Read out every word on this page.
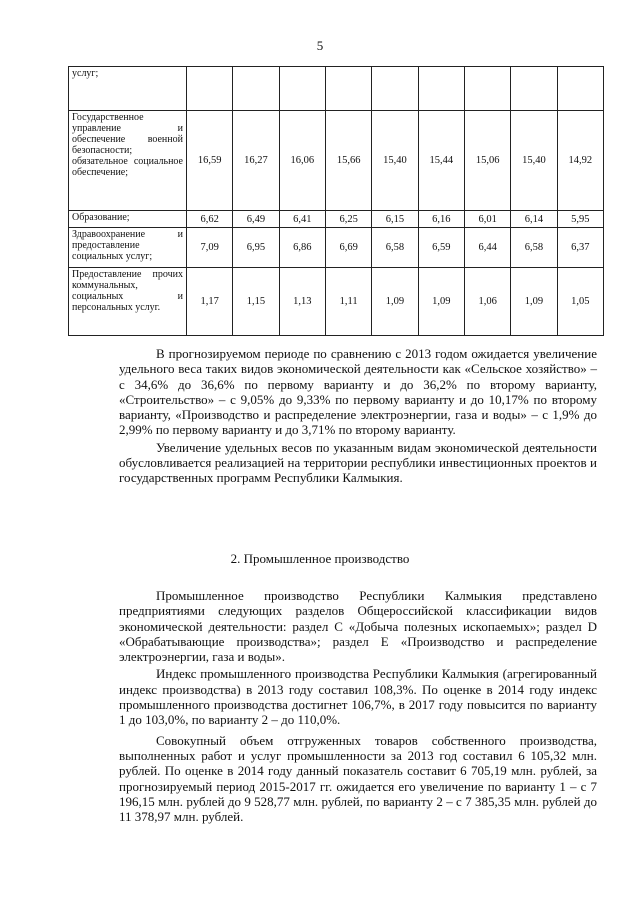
5
услуг;									
Государственное управление и обеспечение военной безопасности; обязательное социальное обеспечение;	16,59	16,27	16,06	15,66	15,40	15,44	15,06	15,40	14,92
Образование;	6,62	6,49	6,41	6,25	6,15	6,16	6,01	6,14	5,95
Здравоохранение и предоставление социальных услуг;	7,09	6,95	6,86	6,69	6,58	6,59	6,44	6,58	6,37
Предоставление прочих коммунальных, социальных и персональных услуг.	1,17	1,15	1,13	1,11	1,09	1,09	1,06	1,09	1,05

В прогнозируемом периоде по сравнению с 2013 годом ожидается увеличение удельного веса таких видов экономической деятельности как «Сельское хозяйство» – с 34,6% до 36,6% по первому варианту и до 36,2% по второму варианту, «Строительство» – с 9,05% до 9,33% по первому варианту и до 10,17% по второму варианту, «Производство и распределение электроэнергии, газа и воды» – с 1,9% до 2,99% по первому варианту и до 3,71% по второму варианту.

Увеличение удельных весов по указанным видам экономической деятельности обусловливается реализацией на территории республики инвестиционных проектов и государственных программ Республики Калмыкия.

2. Промышленное производство

Промышленное производство Республики Калмыкия представлено предприятиями следующих разделов Общероссийской классификации видов экономической деятельности: раздел С «Добыча полезных ископаемых»; раздел D «Обрабатывающие производства»; раздел Е «Производство и распределение электроэнергии, газа и воды».

Индекс промышленного производства Республики Калмыкия (агрегированный индекс производства) в 2013 году составил 108,3%. По оценке в 2014 году индекс промышленного производства достигнет 106,7%, в 2017 году повысится по варианту 1 до 103,0%, по варианту 2 – до 110,0%.

Совокупный объем отгруженных товаров собственного производства, выполненных работ и услуг промышленности за 2013 год составил 6 105,32 млн. рублей. По оценке в 2014 году данный показатель составит 6 705,19 млн. рублей, за прогнозируемый период 2015-2017 гг. ожидается его увеличение по варианту 1 – с 7 196,15 млн. рублей до 9 528,77 млн. рублей, по варианту 2 – с 7 385,35 млн. рублей до 11 378,97 млн. рублей.
